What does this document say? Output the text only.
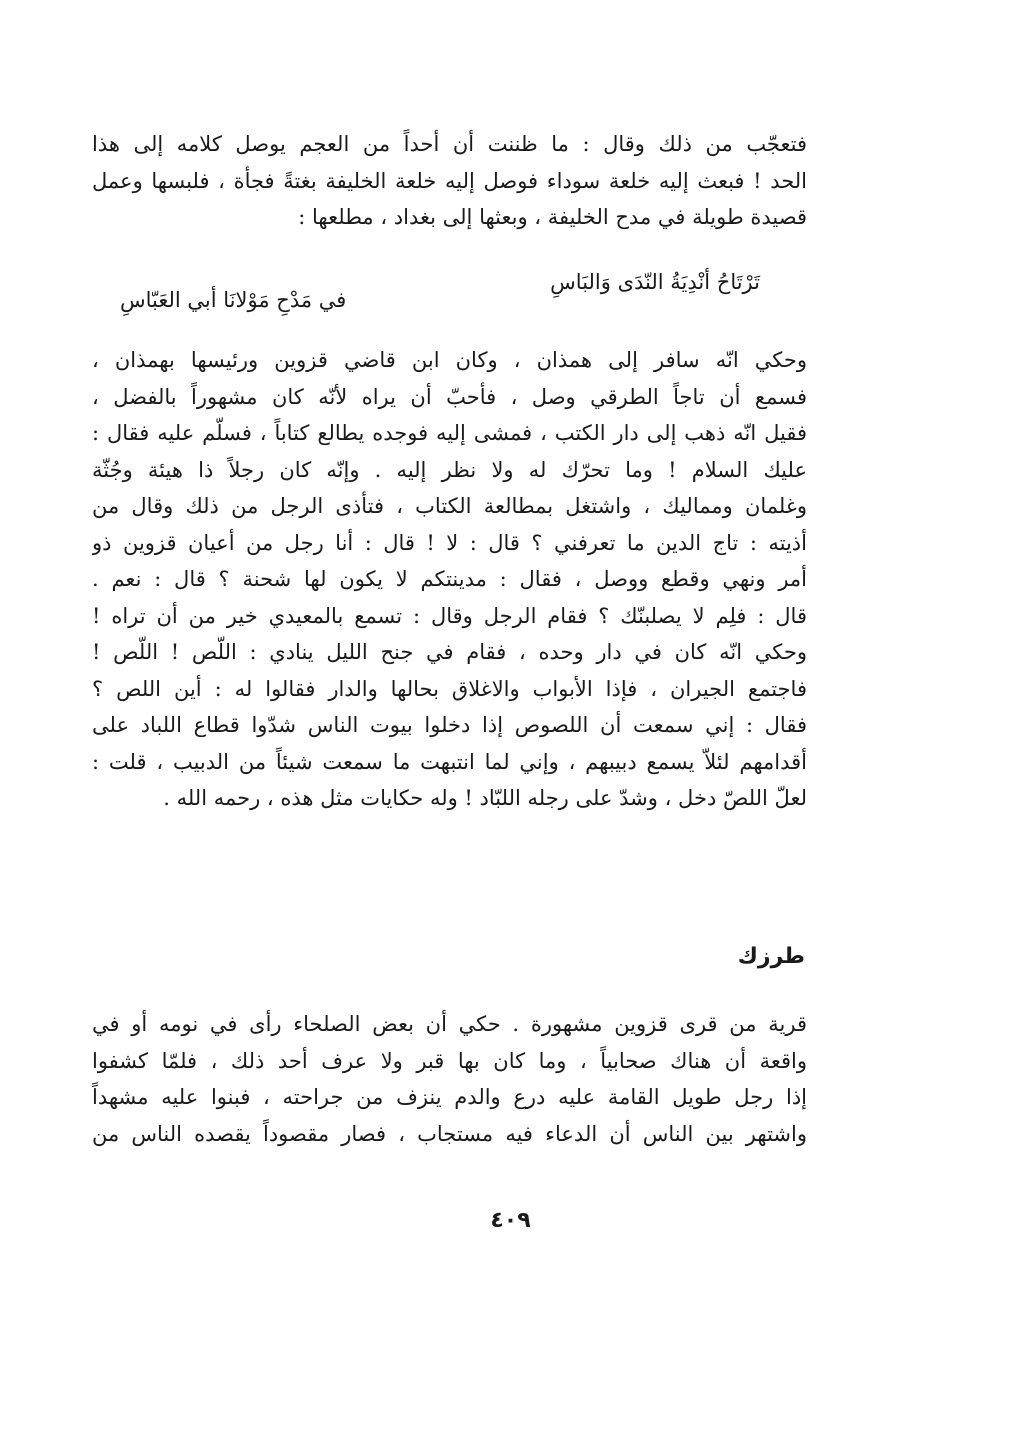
فتعجّب من ذلك وقال : ما ظننت أن أحداً من العجم يوصل كلامه إلى هذا
الحد ! فبعث إليه خلعة سوداء فوصل إليه خلعة الخليفة بغتةً فجأة ، فلبسها وعمل
قصيدة طويلة في مدح الخليفة ، وبعثها إلى بغداد ، مطلعها :
تَرْتَاحُ أنْدِيَةُ النّدَى وَالبَاسِ
في مَدْحِ مَوْلانَا أبي العَبّاسِ
وحكي انّه سافر إلى همذان ، وكان ابن قاضي قزوين ورئيسها بهمذان ،
فسمع أن تاجاً الطرقي وصل ، فأحبّ أن يراه لأنّه كان مشهوراً بالفضل ،
فقيل انّه ذهب إلى دار الكتب ، فمشى إليه فوجده يطالع كتاباً ، فسلّم عليه فقال :
عليك السلام ! وما تحرّك له ولا نظر إليه . وإنّه كان رجلاً ذا هيئة وجُثّة
وغلمان ومماليك ، واشتغل بمطالعة الكتاب ، فتأذى الرجل من ذلك وقال من
أذيته : تاج الدين ما تعرفني ؟ قال : لا ! قال : أنا رجل من أعيان قزوين ذو
أمر ونهي وقطع ووصل ، فقال : مدينتكم لا يكون لها شحنة ؟ قال : نعم .
قال : فلِم لا يصلبنّك ؟ فقام الرجل وقال : تسمع بالمعيدي خير من أن تراه !
وحكي انّه كان في دار وحده ، فقام في جنح الليل ينادي : اللّص ! اللّص !
فاجتمع الجيران ، فإذا الأبواب والاغلاق بحالها والدار فقالوا له : أين اللص ؟
فقال : إني سمعت أن اللصوص إذا دخلوا بيوت الناس شدّوا قطاع اللباد على
أقدامهم لئلاّ يسمع دبيبهم ، وإني لما انتبهت ما سمعت شيئاً من الدبيب ، قلت :
لعلّ اللصّ دخل ، وشدّ على رجله اللبّاد ! وله حكايات مثل هذه ، رحمه الله .
طرزك
قرية من قرى قزوين مشهورة . حكي أن بعض الصلحاء رأى في نومه أو في
واقعة أن هناك صحابياً ، وما كان بها قبر ولا عرف أحد ذلك ، فلمّا كشفوا
إذا رجل طويل القامة عليه درع والدم ينزف من جراحته ، فبنوا عليه مشهداً
واشتهر بين الناس أن الدعاء فيه مستجاب ، فصار مقصوداً يقصده الناس من
٤٠٩
